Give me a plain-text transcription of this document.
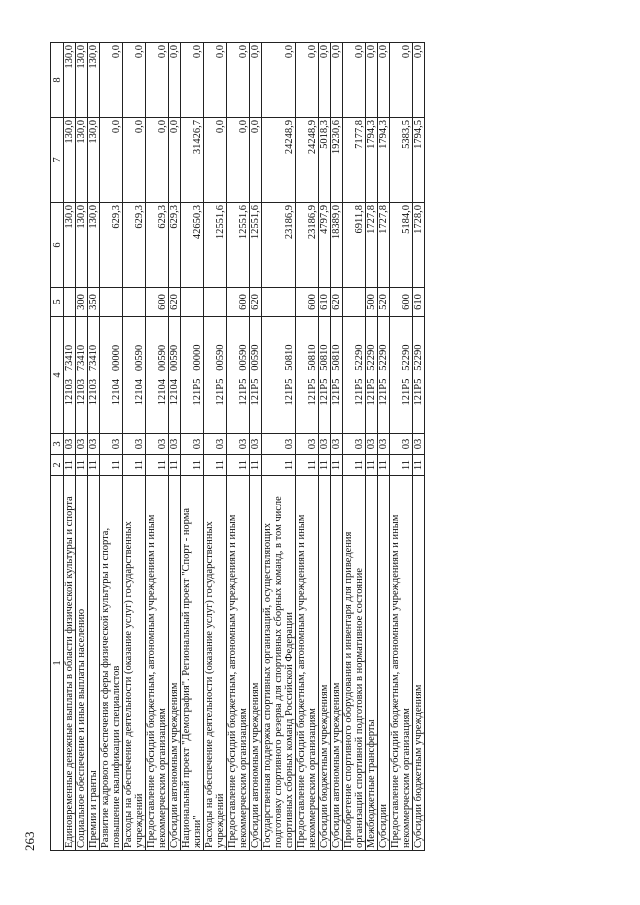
263
1	2	3	4	5	6	7	8
Единовременные денежные выплаты в области физической культуры и спорта	11	03	12103   73410		130,0	130,0	130,0
Социальное обеспечение и иные выплаты населению	11	03	12103   73410	300	130,0	130,0	130,0
Премии и гранты	11	03	12103   73410	350	130,0	130,0	130,0
Развитие кадрового обеспечения сферы физической культуры и спорта, повышение квалификации специалистов	11	03	12104   00000		629,3	0,0	0,0
Расходы на обеспечение деятельности (оказание услуг) государственных учреждений	11	03	12104   00590		629,3	0,0	0,0
Предоставление субсидий бюджетным, автономным учреждениям и иным некоммерческим организациям	11	03	12104   00590	600	629,3	0,0	0,0
Субсидии автономным учреждениям	11	03	12104   00590	620	629,3	0,0	0,0
Национальный проект "Демография". Региональный проект "Спорт - норма жизни"	11	03	121P5   00000		42650,3	31426,7	0,0
Расходы на обеспечение деятельности (оказание услуг) государственных учреждений	11	03	121P5   00590		12551,6	0,0	0,0
Предоставление субсидий бюджетным, автономным учреждениям и иным некоммерческим организациям	11	03	121P5   00590	600	12551,6	0,0	0,0
Субсидии автономным учреждениям	11	03	121P5   00590	620	12551,6	0,0	0,0
Государственная поддержка спортивных организаций, осуществляющих подготовку спортивного резерва для спортивных сборных команд, в том числе спортивных сборных команд Российской Федерации	11	03	121P5   50810		23186,9	24248,9	0,0
Предоставление субсидий бюджетным, автономным учреждениям и иным некоммерческим организациям	11	03	121P5   50810	600	23186,9	24248,9	0,0
Субсидии бюджетным учреждениям	11	03	121P5   50810	610	4797,9	5018,3	0,0
Субсидии автономным учреждениям	11	03	121P5   50810	620	18389,0	19230,6	0,0
Приобретение спортивного оборудования и инвентаря для приведения организаций спортивной подготовки в нормативное состояние	11	03	121P5   52290		6911,8	7177,8	0,0
Межбюджетные трансферты	11	03	121P5   52290	500	1727,8	1794,3	0,0
Субсидии	11	03	121P5   52290	520	1727,8	1794,3	0,0
Предоставление субсидий бюджетным, автономным учреждениям и иным некоммерческим организациям	11	03	121P5   52290	600	5184,0	5383,5	0,0
Субсидии бюджетным учреждениям	11	03	121P5   52290	610	1728,0	1794,5	0,0
